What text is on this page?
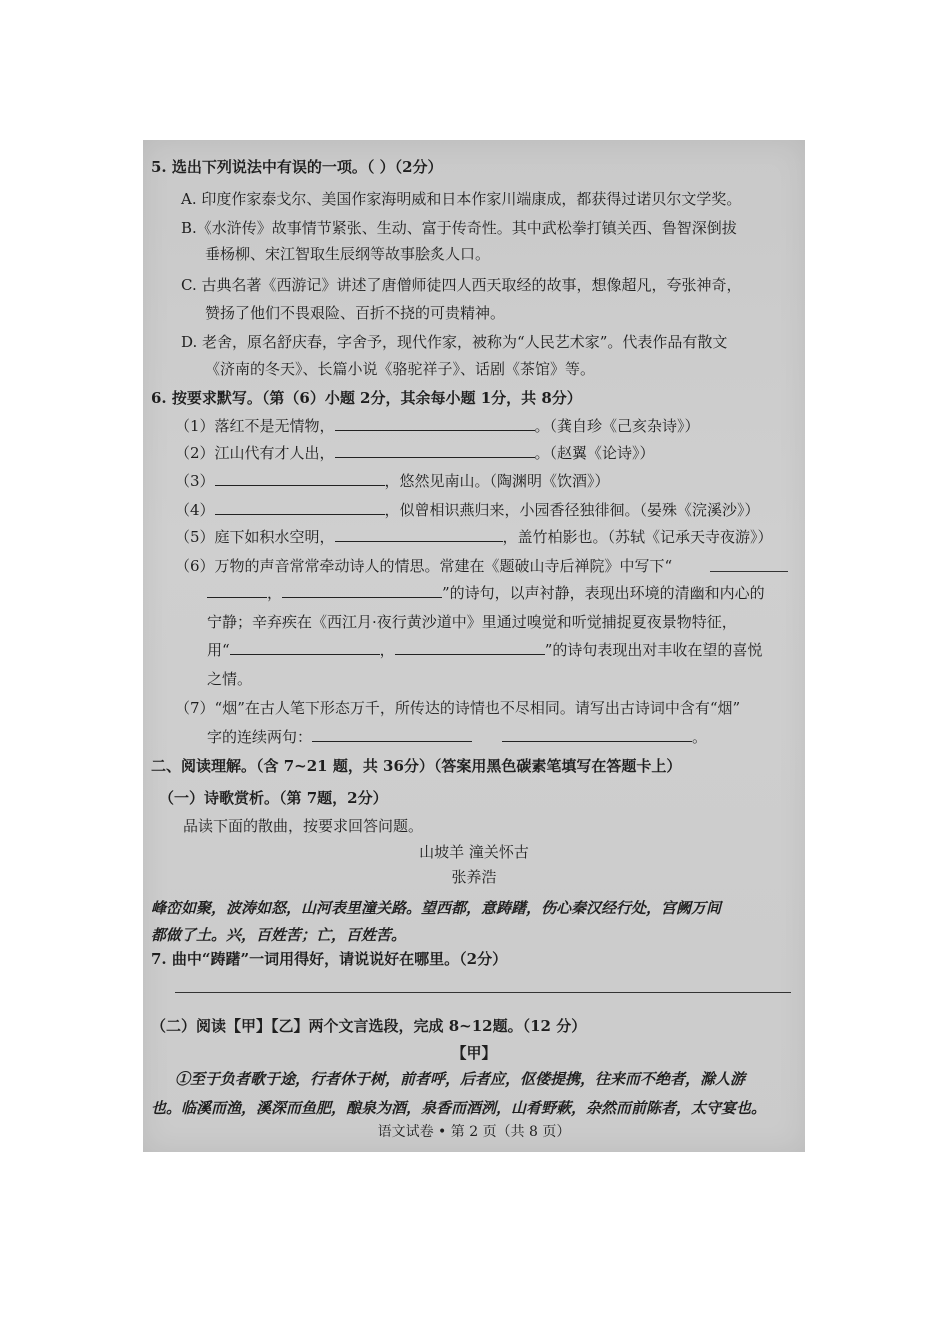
5. 选出下列说法中有误的一项。（ ）（2分）
A. 印度作家泰戈尔、美国作家海明威和日本作家川端康成，都获得过诺贝尔文学奖。
B.《水浒传》故事情节紧张、生动、富于传奇性。其中武松拳打镇关西、鲁智深倒拔
垂杨柳、宋江智取生辰纲等故事脍炙人口。
C. 古典名著《西游记》讲述了唐僧师徒四人西天取经的故事，想像超凡，夸张神奇，
赞扬了他们不畏艰险、百折不挠的可贵精神。
D. 老舍，原名舒庆春，字舍予，现代作家，被称为“人民艺术家”。代表作品有散文
《济南的冬天》、长篇小说《骆驼祥子》、话剧《茶馆》等。
6. 按要求默写。（第（6）小题 2分，其余每小题 1分，共 8分）
（1）落红不是无情物，	。（龚自珍《己亥杂诗》）
（2）江山代有才人出，	。（赵翼《论诗》）
（3）	，悠然见南山。（陶渊明《饮酒》）
（4）	，似曾相识燕归来，小园香径独徘徊。（晏殊《浣溪沙》）
（5）庭下如积水空明，	，盖竹柏影也。（苏轼《记承天寺夜游》）
（6）万物的声音常常牵动诗人的情思。常建在《题破山寺后禅院》中写下“
，	”的诗句，以声衬静，表现出环境的清幽和内心的
宁静；辛弃疾在《西江月·夜行黄沙道中》里通过嗅觉和听觉捕捉夏夜景物特征，
用“	，	”的诗句表现出对丰收在望的喜悦
之情。
（7）“烟”在古人笔下形态万千，所传达的诗情也不尽相同。请写出古诗词中含有“烟”
字的连续两句：	。
二、阅读理解。（含 7~21 题，共 36分）（答案用黑色碳素笔填写在答题卡上）
（一）诗歌赏析。（第 7题，2分）
品读下面的散曲，按要求回答问题。
山坡羊 潼关怀古
张养浩
峰峦如聚，波涛如怒，山河表里潼关路。望西都，意踌躇，伤心秦汉经行处，宫阙万间
都做了土。兴，百姓苦；亡，百姓苦。
7. 曲中“踌躇”一词用得好，请说说好在哪里。（2分）
（二）阅读【甲】【乙】两个文言选段，完成 8~12题。（12 分）
【甲】
①至于负者歌于途，行者休于树，前者呼，后者应，伛偻提携，往来而不绝者，滁人游
也。临溪而渔，溪深而鱼肥，酿泉为酒，泉香而酒洌，山肴野蔌，杂然而前陈者，太守宴也。
语文试卷 • 第 2 页（共 8 页）
